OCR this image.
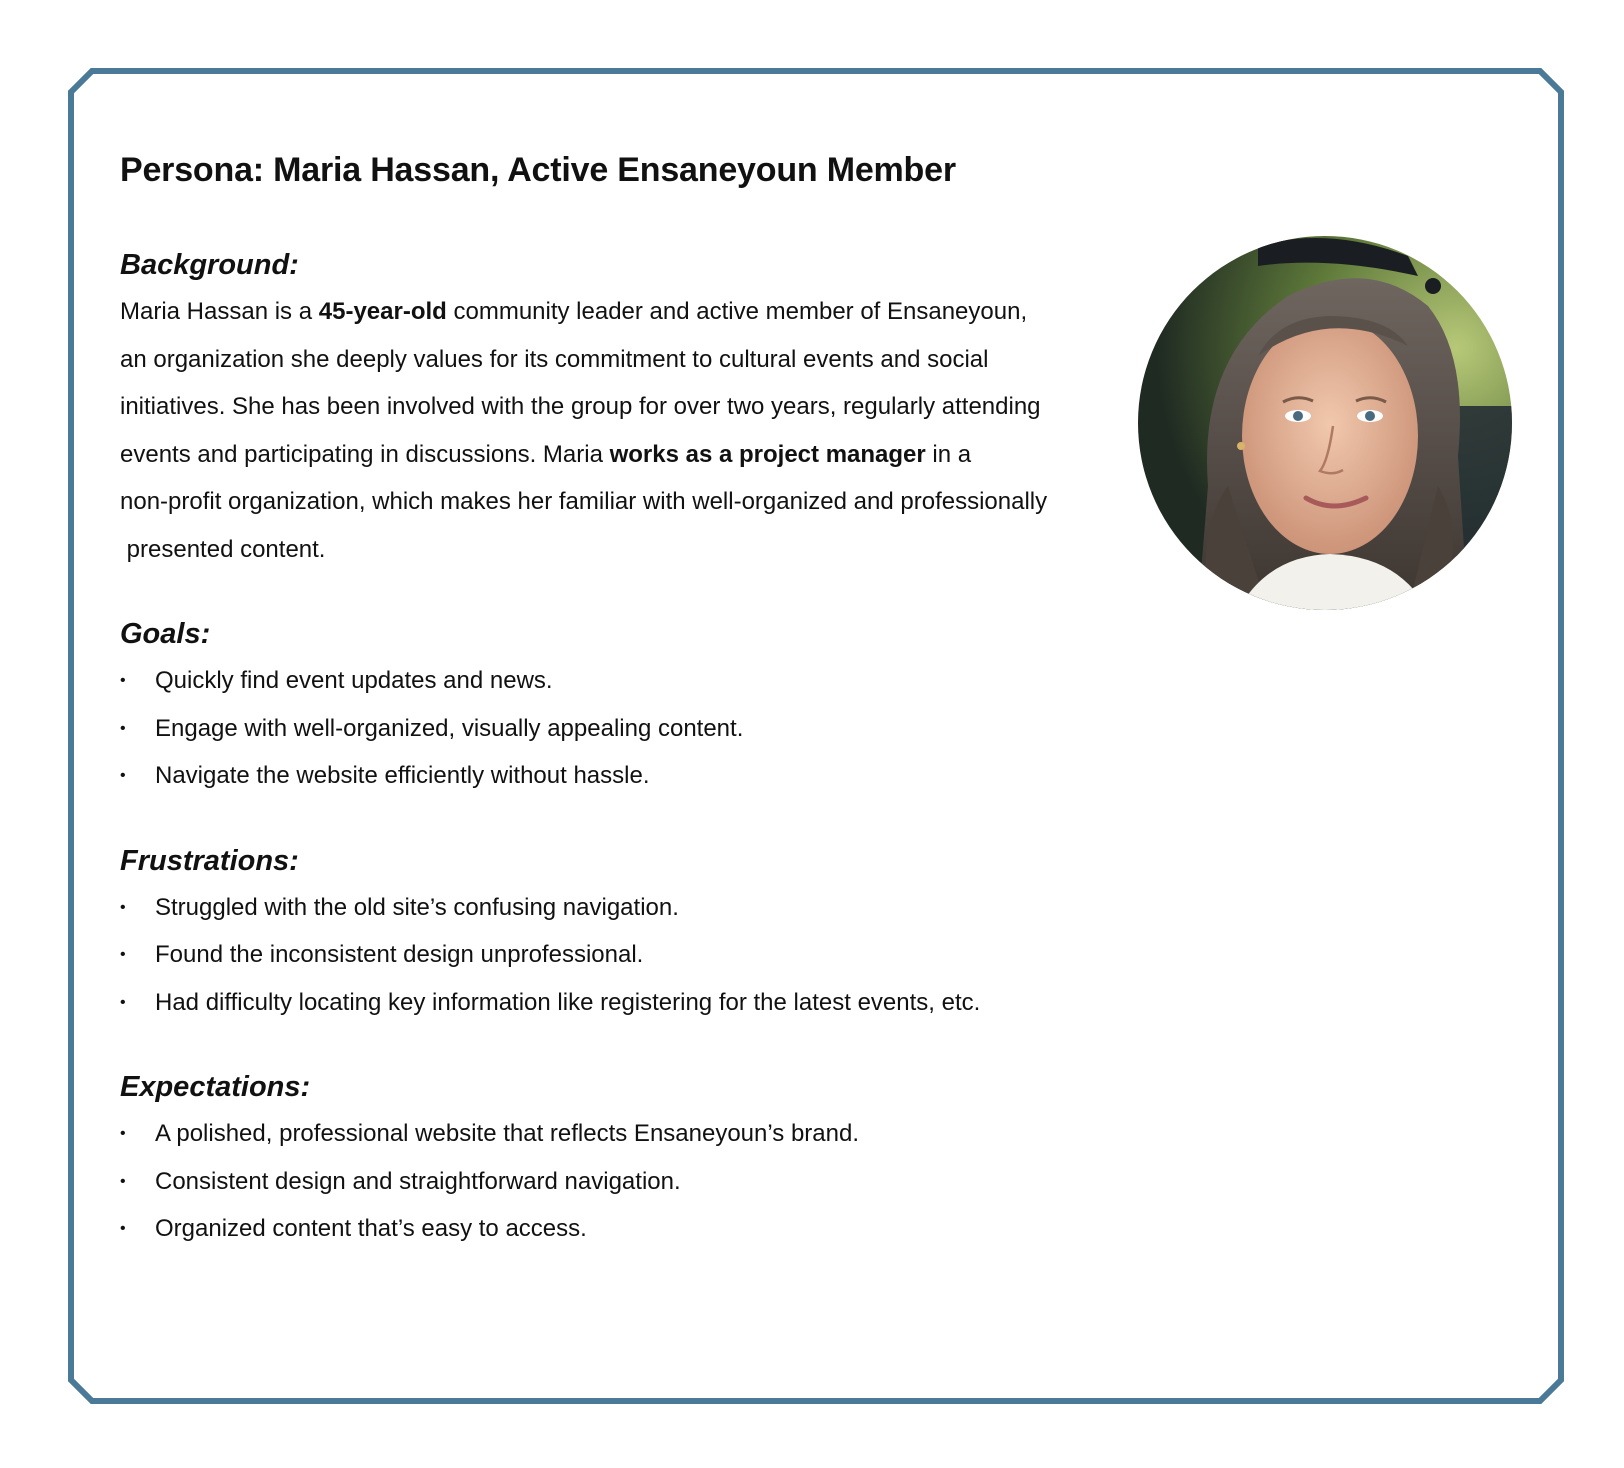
Persona: Maria Hassan, Active Ensaneyoun Member
Background:
Maria Hassan is a 45-year-old community leader and active member of Ensaneyoun,
an organization she deeply values for its commitment to cultural events and social
initiatives. She has been involved with the group for over two years, regularly attending
events and participating in discussions. Maria works as a project manager in a
non-profit organization, which makes her familiar with well-organized and professionally
presented content.
Goals:
• Quickly find event updates and news.
• Engage with well-organized, visually appealing content.
• Navigate the website efficiently without hassle.
Frustrations:
• Struggled with the old site’s confusing navigation.
• Found the inconsistent design unprofessional.
• Had difficulty locating key information like registering for the latest events, etc.
Expectations:
• A polished, professional website that reflects Ensaneyoun’s brand.
• Consistent design and straightforward navigation.
• Organized content that’s easy to access.
